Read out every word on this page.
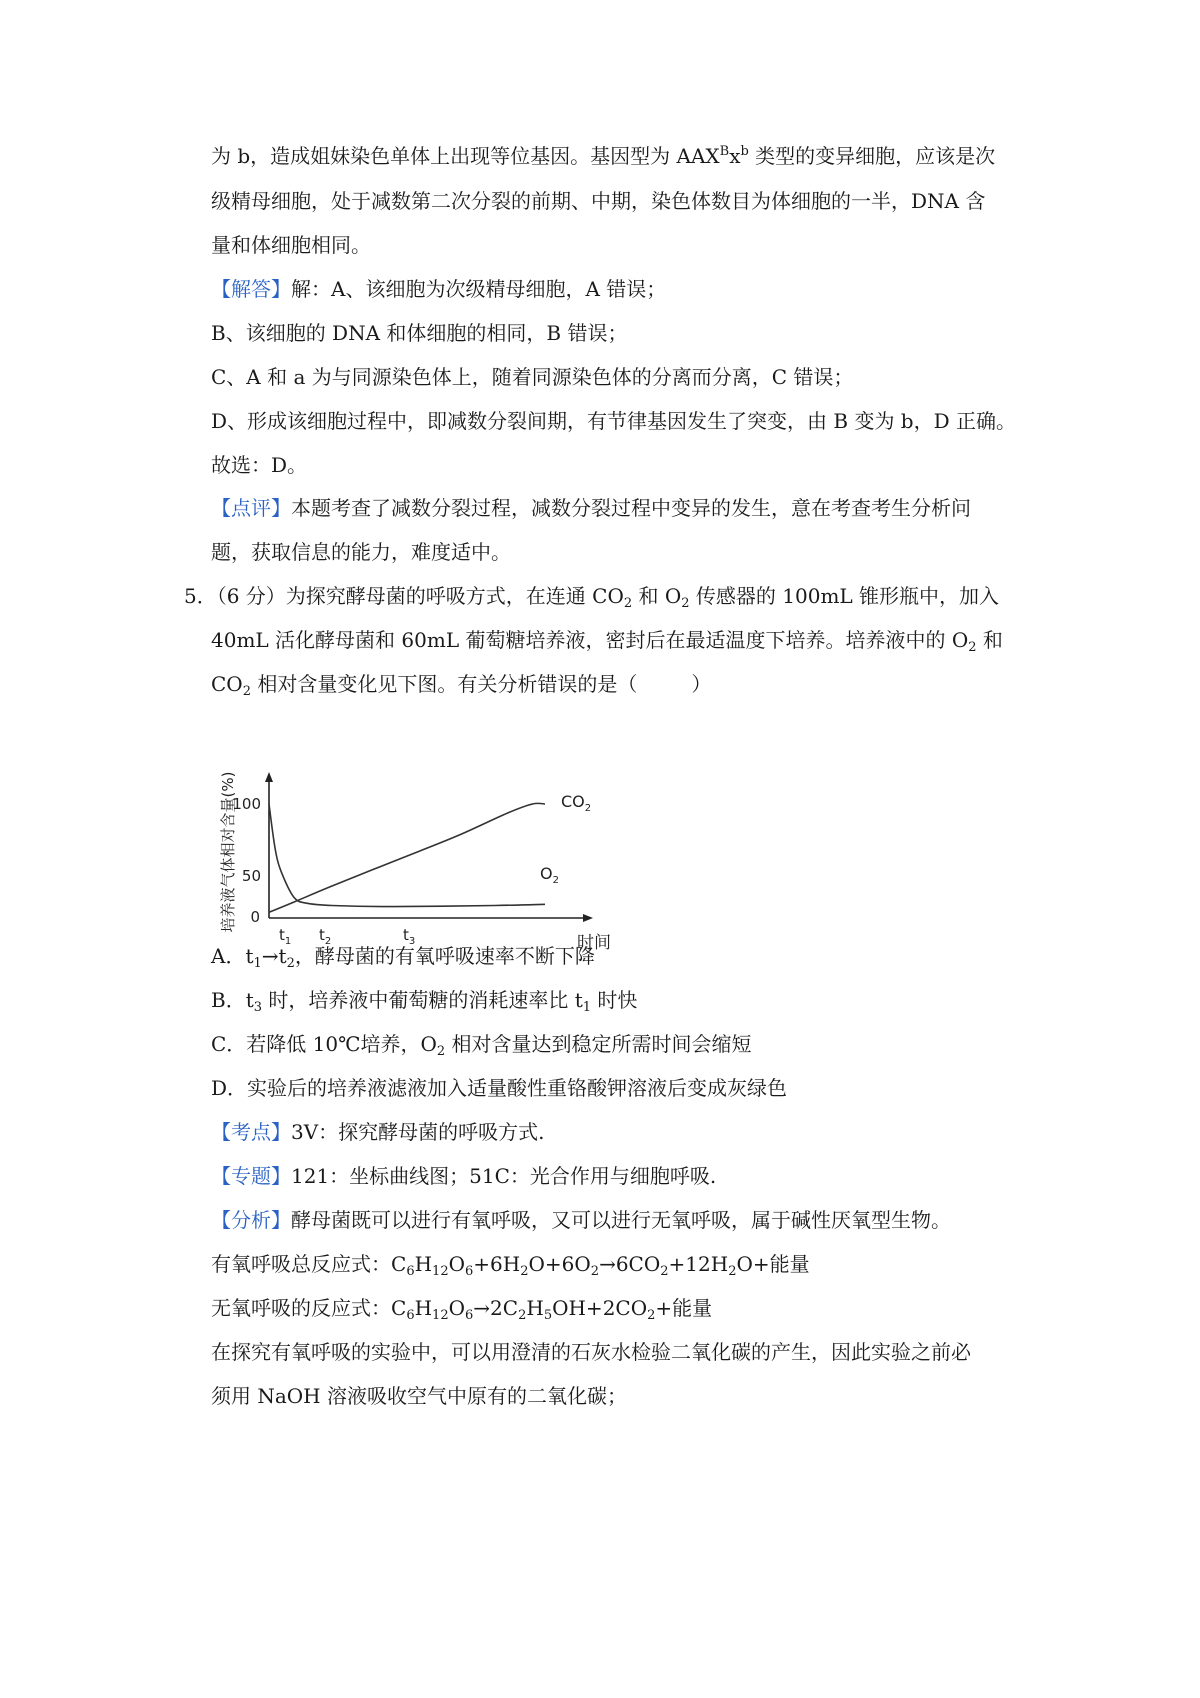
为 b，造成姐妹染色单体上出现等位基因。基因型为 $AAX^Bx^b$ 类型的变异细胞，应该是次
级精母细胞，处于减数第二次分裂的前期、中期，染色体数目为体细胞的一半，DNA 含
量和体细胞相同。
【解答】解：A、该细胞为次级精母细胞，A 错误；
B、该细胞的 DNA 和体细胞的相同，B 错误；
C、A 和 a 为与同源染色体上，随着同源染色体的分离而分离，C 错误；
D、形成该细胞过程中，即减数分裂间期，有节律基因发生了突变，由 B 变为 b，D 正确。
故选：D。
【点评】本题考查了减数分裂过程，减数分裂过程中变异的发生，意在考查考生分析问
题，获取信息的能力，难度适中。
5．（6 分）为探究酵母菌的呼吸方式，在连通 $CO_2$ 和 $O_2$ 传感器的 100mL 锥形瓶中，加入
40mL 活化酵母菌和 60mL 葡萄糖培养液，密封后在最适温度下培养。培养液中的 $O_2$ 和
$CO_2$ 相对含量变化见下图。有关分析错误的是（	）
培养液气体相对含量(%)
100
50
0
时间
$t_1$ $t_2$	$t_3$
$CO_2$
$O_2$
A．$t_1\to t_2$，酵母菌的有氧呼吸速率不断下降
B．$t_3$ 时，培养液中葡萄糖的消耗速率比 $t_1$ 时快
C．若降低 10℃培养，$O_2$ 相对含量达到稳定所需时间会缩短
D．实验后的培养液滤液加入适量酸性重铬酸钾溶液后变成灰绿色
【考点】3V：探究酵母菌的呼吸方式.
【专题】121：坐标曲线图；51C：光合作用与细胞呼吸.
【分析】酵母菌既可以进行有氧呼吸，又可以进行无氧呼吸，属于碱性厌氧型生物。
有氧呼吸总反应式：$C_6H_{12}O_6+6H_2O+6O_2\to 6CO_2+12H_2O+$能量
无氧呼吸的反应式：$C_6H_{12}O_6\to 2C_2H_5OH+2CO_2+$能量
在探究有氧呼吸的实验中，可以用澄清的石灰水检验二氧化碳的产生，因此实验之前必
须用 NaOH 溶液吸收空气中原有的二氧化碳；
